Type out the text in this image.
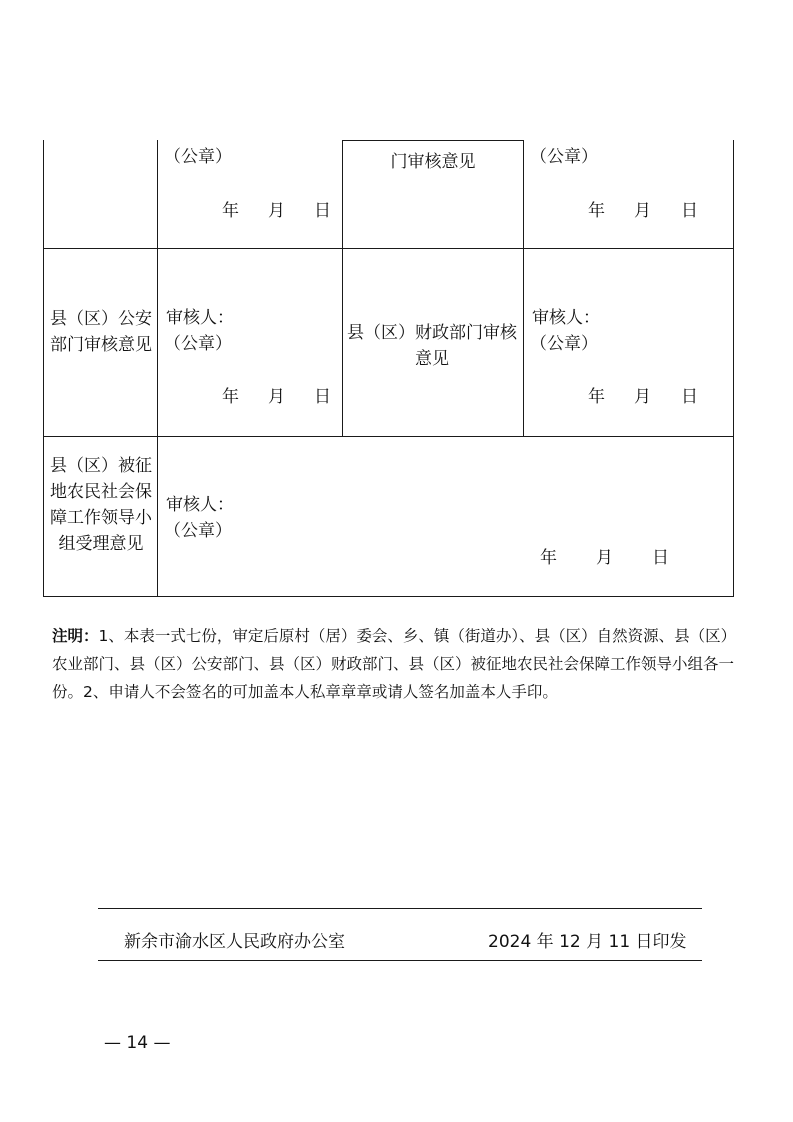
（公章）
年 月 日
门审核意见	（公章）
年 月 日
县（区）公安部门审核意见
审核人：
（公章）
年 月 日
县（区）财政部门审核意见
审核人：
（公章）
年 月 日
县（区）被征地农民社会保障工作领导小组受理意见
审核人：
（公章）
年 月 日
注明：1、本表一式七份，审定后原村（居）委会、乡、镇（街道办）、县（区）自然资源、县（区）农业部门、县（区）公安部门、县（区）财政部门、县（区）被征地农民社会保障工作领导小组各一份。2、申请人不会签名的可加盖本人私章章章或请人签名加盖本人手印。
新余市渝水区人民政府办公室	2024 年 12 月 11 日印发
— 14 —
